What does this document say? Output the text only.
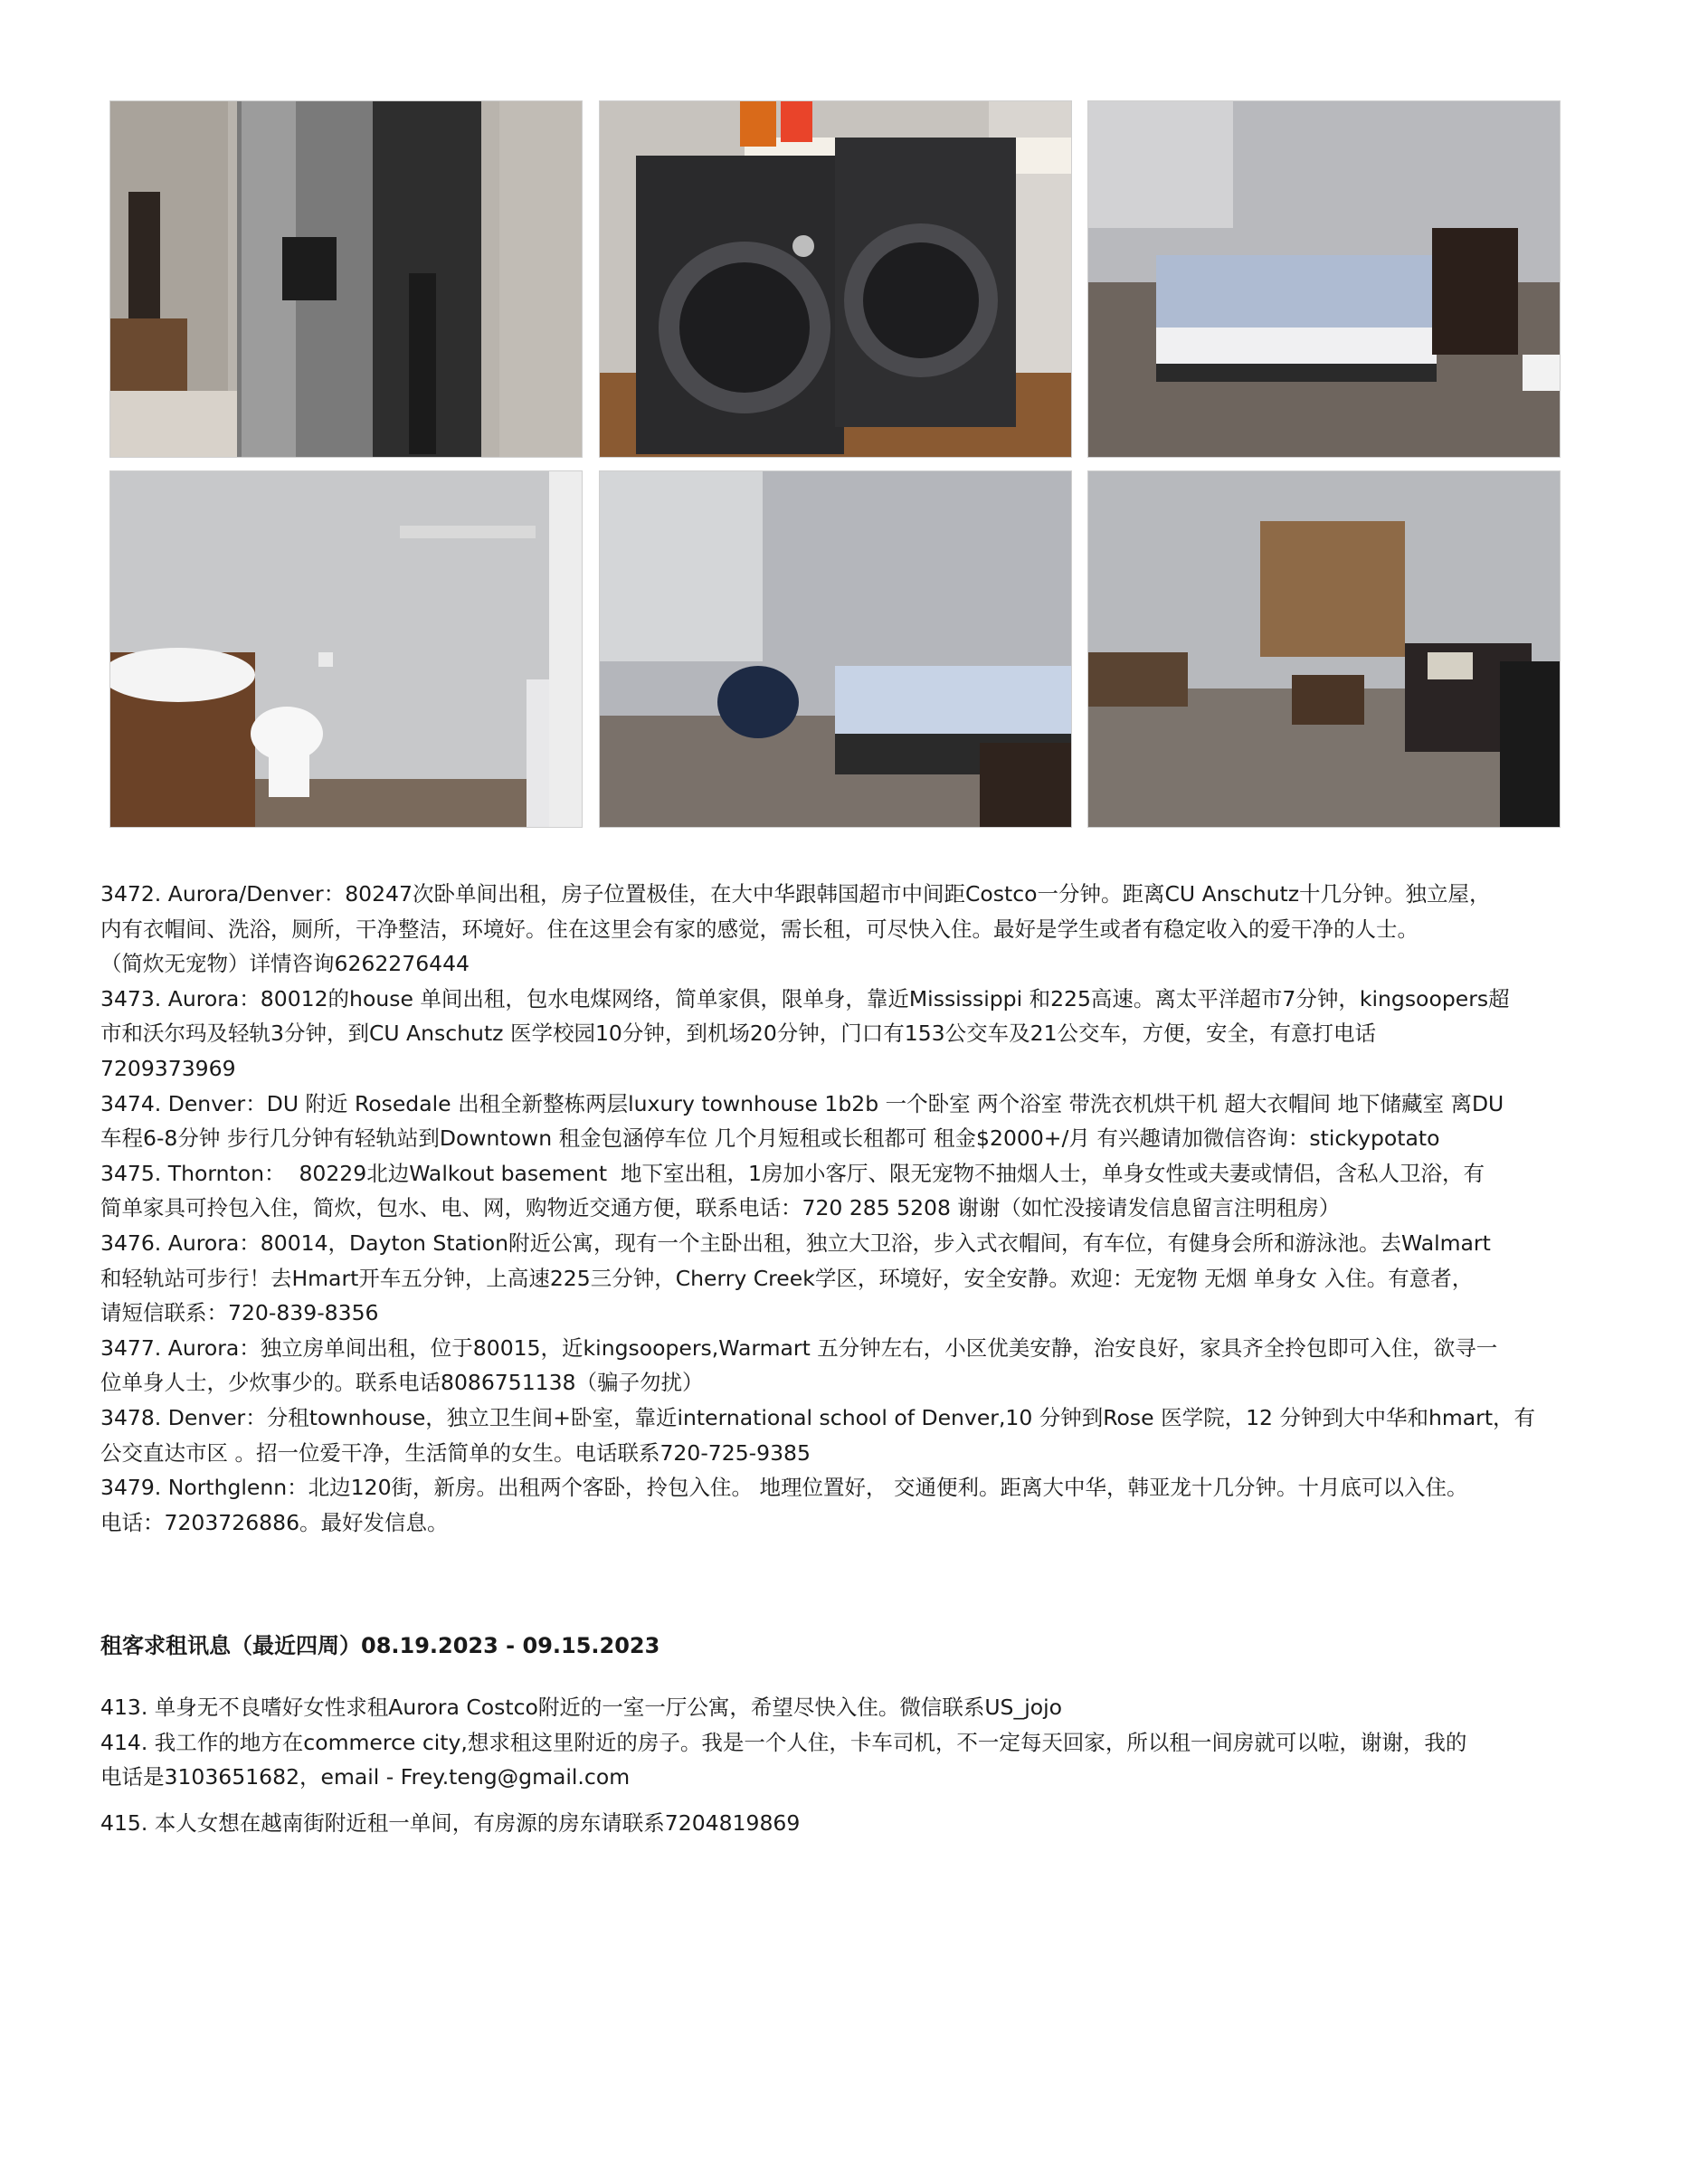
3472. Aurora/Denver：80247次卧单间出租，房子位置极佳，在大中华跟韩国超市中间距Costco一分钟。距离CU Anschutz十几分钟。独立屋，
内有衣帽间、洗浴，厕所，干净整洁，环境好。住在这里会有家的感觉，需长租，可尽快入住。最好是学生或者有稳定收入的爱干净的人士。
（简炊无宠物）详情咨询6262276444

3473. Aurora：80012的house 单间出租，包水电煤网络，简单家俱，限单身，靠近Mississippi 和225高速。离太平洋超市7分钟，kingsoopers超
市和沃尔玛及轻轨3分钟，到CU Anschutz 医学校园10分钟，到机场20分钟，门口有153公交车及21公交车，方便，安全，有意打电话
7209373969

3474. Denver：DU 附近 Rosedale 出租全新整栋两层luxury townhouse 1b2b 一个卧室 两个浴室 带洗衣机烘干机 超大衣帽间 地下储藏室 离DU
车程6-8分钟 步行几分钟有轻轨站到Downtown 租金包涵停车位 几个月短租或长租都可 租金$2000+/月 有兴趣请加微信咨询：stickypotato

3475. Thornton：  80229北边Walkout basement  地下室出租，1房加小客厅、限无宠物不抽烟人士，单身女性或夫妻或情侣，含私人卫浴，有
简单家具可拎包入住，简炊，包水、电、网，购物近交通方便，联系电话：720 285 5208 谢谢（如忙没接请发信息留言注明租房）

3476. Aurora：80014，Dayton Station附近公寓，现有一个主卧出租，独立大卫浴，步入式衣帽间，有车位，有健身会所和游泳池。去Walmart
和轻轨站可步行！去Hmart开车五分钟，上高速225三分钟，Cherry Creek学区，环境好，安全安静。欢迎：无宠物 无烟 单身女 入住。有意者，
请短信联系：720-839-8356

3477. Aurora：独立房单间出租，位于80015，近kingsoopers,Warmart 五分钟左右，小区优美安静，治安良好，家具齐全拎包即可入住，欲寻一
位单身人士，少炊事少的。联系电话8086751138（骗子勿扰）

3478. Denver：分租townhouse，独立卫生间+卧室，靠近international school of Denver,10 分钟到Rose 医学院，12 分钟到大中华和hmart，有
公交直达市区 。招一位爱干净，生活简单的女生。电话联系720-725-9385

3479. Northglenn：北边120街，新房。出租两个客卧，拎包入住。 地理位置好， 交通便利。距离大中华，韩亚龙十几分钟。十月底可以入住。
电话：7203726886。最好发信息。

租客求租讯息（最近四周）08.19.2023 - 09.15.2023

413. 单身无不良嗜好女性求租Aurora Costco附近的一室一厅公寓，希望尽快入住。微信联系US_jojo

414. 我工作的地方在commerce city,想求租这里附近的房子。我是一个人住，卡车司机，不一定每天回家，所以租一间房就可以啦，谢谢，我的
电话是3103651682，email - Frey.teng@gmail.com

415. 本人女想在越南街附近租一单间，有房源的房东请联系7204819869
